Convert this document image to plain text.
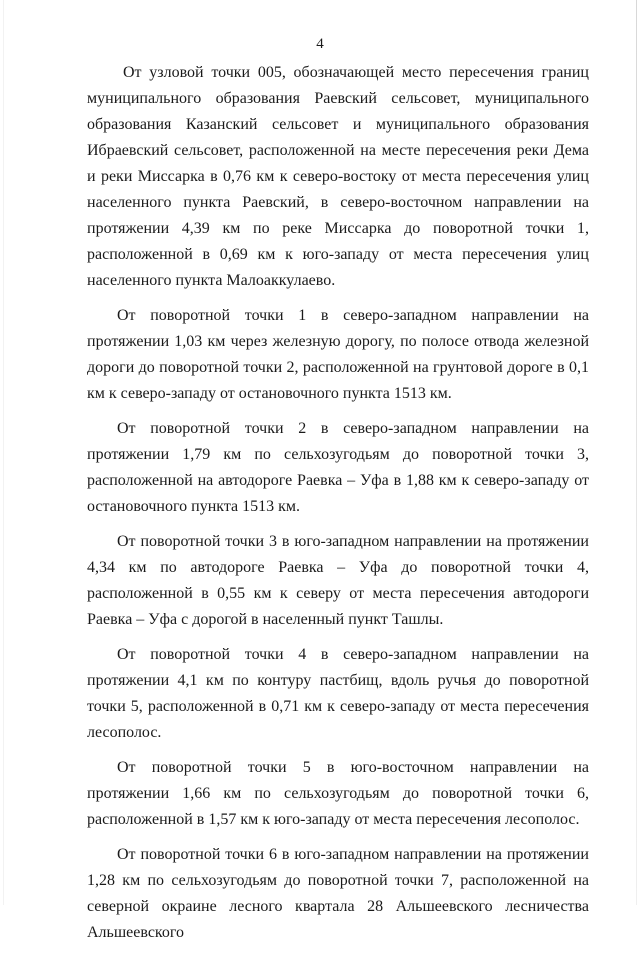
4

От узловой точки 005, обозначающей место пересечения границ муниципального образования Раевский сельсовет, муниципального образования Казанский сельсовет и муниципального образования Ибраевский сельсовет, расположенной на месте пересечения реки Дема и реки Миссарка в 0,76 км к северо-востоку от места пересечения улиц населенного пункта Раевский, в северо-восточном направлении на протяжении 4,39 км по реке Миссарка до поворотной точки 1, расположенной в 0,69 км к юго-западу от места пересечения улиц населенного пункта Малоаккулаево.

От поворотной точки 1 в северо-западном направлении на протяжении 1,03 км через железную дорогу, по полосе отвода железной дороги до поворотной точки 2, расположенной на грунтовой дороге в 0,1 км к северо-западу от остановочного пункта 1513 км.

От поворотной точки 2 в северо-западном направлении на протяжении 1,79 км по сельхозугодьям до поворотной точки 3, расположенной на автодороге Раевка – Уфа в 1,88 км к северо-западу от остановочного пункта 1513 км.

От поворотной точки 3 в юго-западном направлении на протяжении 4,34 км по автодороге Раевка – Уфа до поворотной точки 4, расположенной в 0,55 км к северу от места пересечения автодороги Раевка – Уфа с дорогой в населенный пункт Ташлы.

От поворотной точки 4 в северо-западном направлении на протяжении 4,1 км по контуру пастбищ, вдоль ручья до поворотной точки 5, расположенной в 0,71 км к северо-западу от места пересечения лесополос.

От поворотной точки 5 в юго-восточном направлении на протяжении 1,66 км по сельхозугодьям до поворотной точки 6, расположенной в 1,57 км к юго-западу от места пересечения лесополос.

От поворотной точки 6 в юго-западном направлении на протяжении 1,28 км по сельхозугодьям до поворотной точки 7, расположенной на северной окраине лесного квартала 28 Альшеевского лесничества Альшеевского
